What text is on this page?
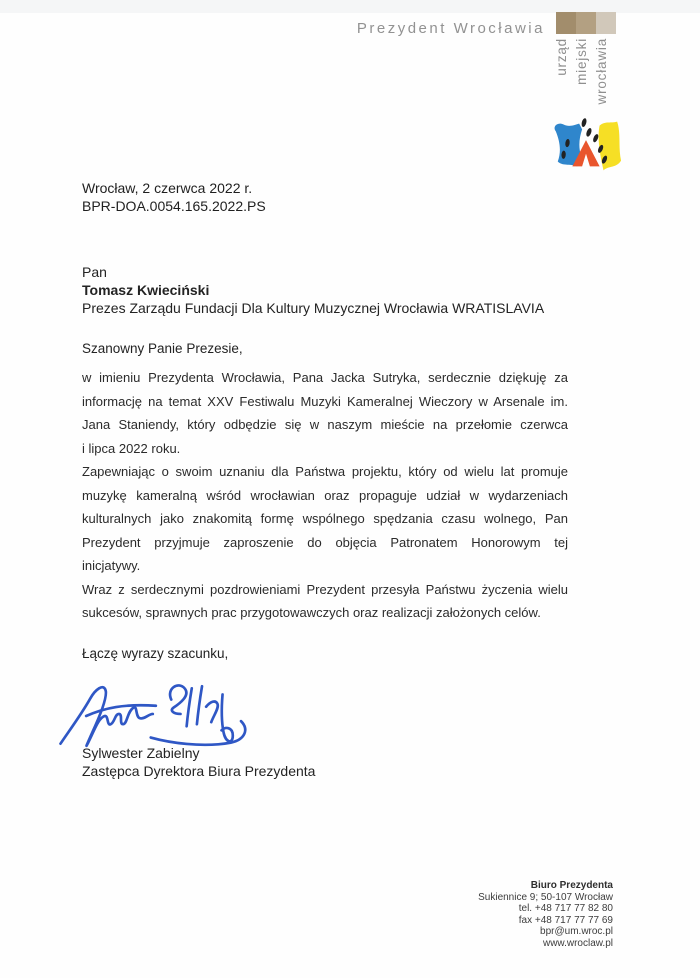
Prezydent Wrocławia
urząd miejski wrocławia
Wrocław, 2 czerwca 2022 r.
BPR-DOA.0054.165.2022.PS
Pan
Tomasz Kwieciński
Prezes Zarządu Fundacji Dla Kultury Muzycznej Wrocławia WRATISLAVIA
Szanowny Panie Prezesie,
w imieniu Prezydenta Wrocławia, Pana Jacka Sutryka, serdecznie dziękuję za
informację na temat XXV Festiwalu Muzyki Kameralnej Wieczory w Arsenale im.
Jana Staniendy, który odbędzie się w naszym mieście na przełomie czerwca
i lipca 2022 roku.
Zapewniając o swoim uznaniu dla Państwa projektu, który od wielu lat promuje
muzykę kameralną wśród wrocławian oraz propaguje udział w wydarzeniach
kulturalnych jako znakomitą formę wspólnego spędzania czasu wolnego, Pan
Prezydent przyjmuje zaproszenie do objęcia Patronatem Honorowym tej
inicjatywy.
Wraz z serdecznymi pozdrowieniami Prezydent przesyła Państwu życzenia wielu
sukcesów, sprawnych prac przygotowawczych oraz realizacji założonych celów.
Łączę wyrazy szacunku,
Sylwester Zabielny
Zastępca Dyrektora Biura Prezydenta
Biuro Prezydenta
Sukiennice 9; 50-107 Wrocław
tel. +48 717 77 82 80
fax +48 717 77 77 69
bpr@um.wroc.pl
www.wroclaw.pl
